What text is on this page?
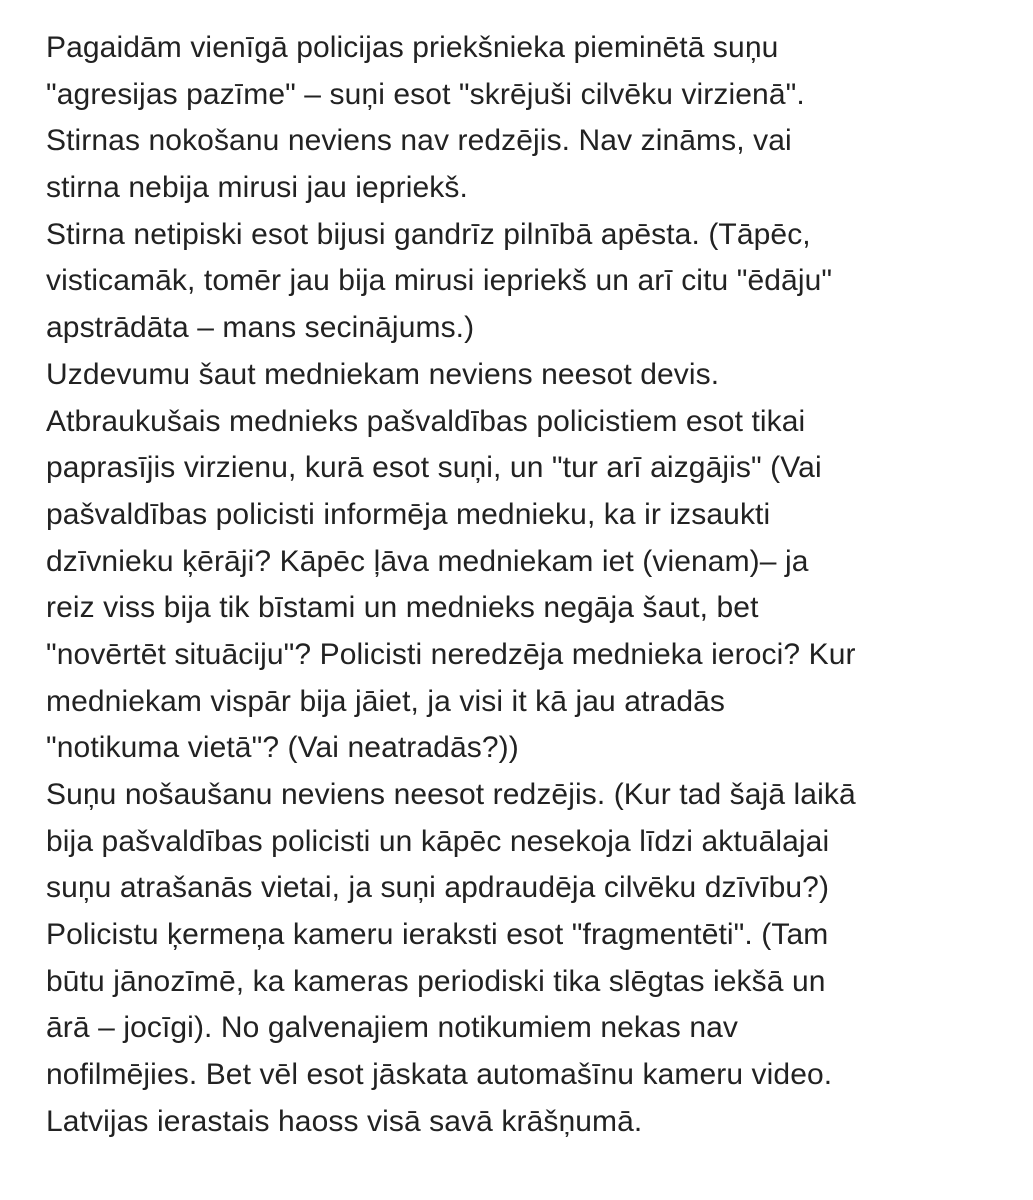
Pagaidām vienīgā policijas priekšnieka pieminētā suņu
"agresijas pazīme" – suņi esot "skrējuši cilvēku virzienā".
Stirnas nokošanu neviens nav redzējis. Nav zināms, vai
stirna nebija mirusi jau iepriekš.
Stirna netipiski esot bijusi gandrīz pilnībā apēsta. (Tāpēc,
visticamāk, tomēr jau bija mirusi iepriekš un arī citu "ēdāju"
apstrādāta – mans secinājums.)
Uzdevumu šaut medniekam neviens neesot devis.
Atbraukušais mednieks pašvaldības policistiem esot tikai
paprasījis virzienu, kurā esot suņi, un "tur arī aizgājis" (Vai
pašvaldības policisti informēja mednieku, ka ir izsaukti
dzīvnieku ķērāji? Kāpēc ļāva medniekam iet (vienam)– ja
reiz viss bija tik bīstami un mednieks negāja šaut, bet
"novērtēt situāciju"? Policisti neredzēja mednieka ieroci? Kur
medniekam vispār bija jāiet, ja visi it kā jau atradās
"notikuma vietā"? (Vai neatradās?))
Suņu nošaušanu neviens neesot redzējis. (Kur tad šajā laikā
bija pašvaldības policisti un kāpēc nesekoja līdzi aktuālajai
suņu atrašanās vietai, ja suņi apdraudēja cilvēku dzīvību?)
Policistu ķermeņa kameru ieraksti esot "fragmentēti". (Tam
būtu jānozīmē, ka kameras periodiski tika slēgtas iekšā un
ārā – jocīgi). No galvenajiem notikumiem nekas nav
nofilmējies. Bet vēl esot jāskata automašīnu kameru video.
Latvijas ierastais haoss visā savā krāšņumā.
